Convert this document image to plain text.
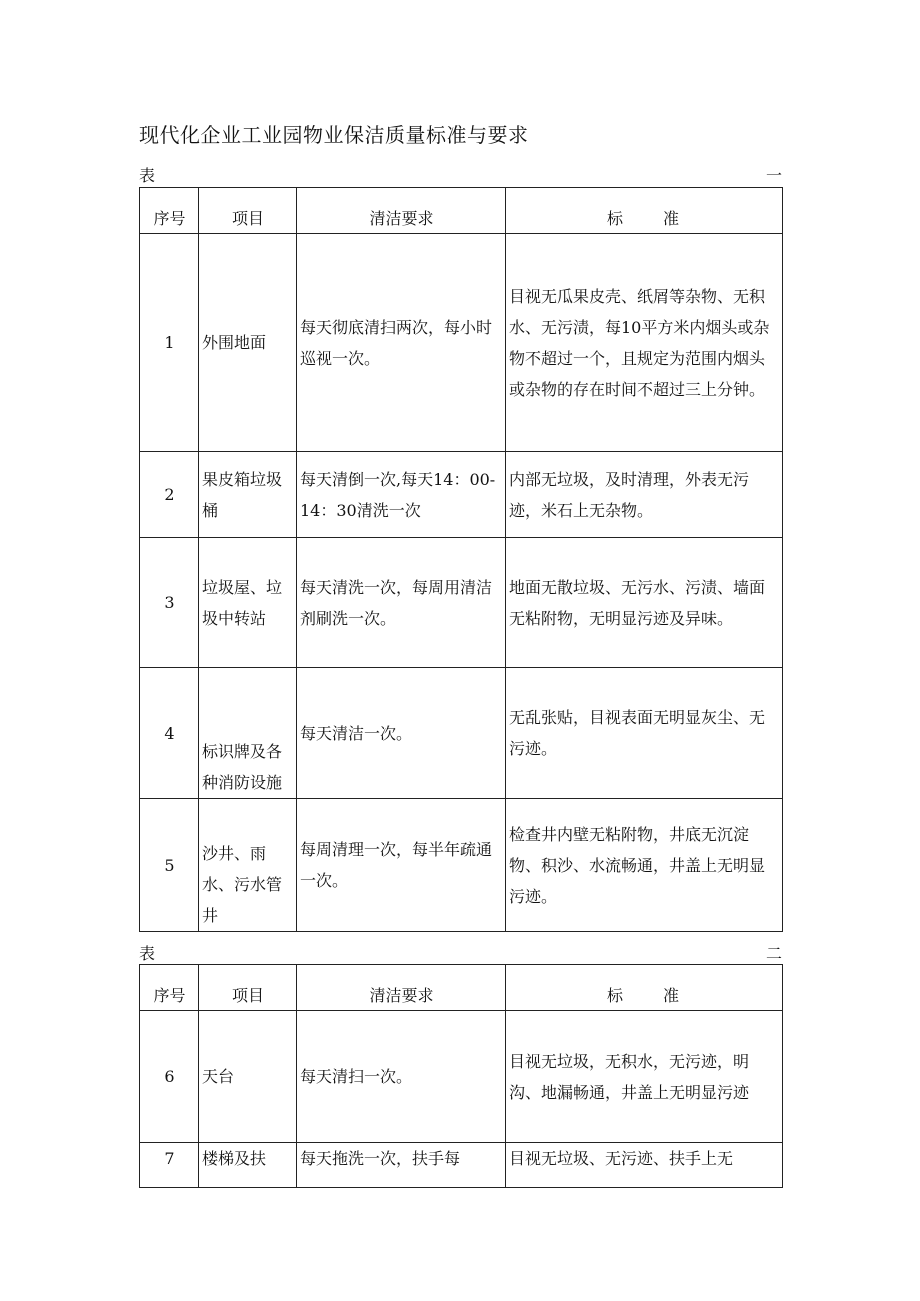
现代化企业工业园物业保洁质量标准与要求
表	一
序号	项目	清洁要求	标准
1	外围地面	每天彻底清扫两次，每小时巡视一次。	目视无瓜果皮壳、纸屑等杂物、无积水、无污渍，每10平方米内烟头或杂物不超过一个，且规定为范围内烟头或杂物的存在时间不超过三上分钟。
2	果皮箱垃圾桶	每天清倒一次,每天14：00-14：30清洗一次	内部无垃圾，及时清理，外表无污迹，米石上无杂物。
3	垃圾屋、垃圾中转站	每天清洗一次，每周用清洁剂刷洗一次。	地面无散垃圾、无污水、污渍、墙面无粘附物，无明显污迹及异味。
4	标识牌及各种消防设施	每天清洁一次。	无乱张贴，目视表面无明显灰尘、无污迹。
5	沙井、雨水、污水管井	每周清理一次，每半年疏通一次。	检查井内壁无粘附物，井底无沉淀物、积沙、水流畅通，井盖上无明显污迹。
表	二
序号	项目	清洁要求	标准
6	天台	每天清扫一次。	目视无垃圾，无积水，无污迹，明沟、地漏畅通，井盖上无明显污迹
7	楼梯及扶	每天拖洗一次，扶手每	目视无垃圾、无污迹、扶手上无
